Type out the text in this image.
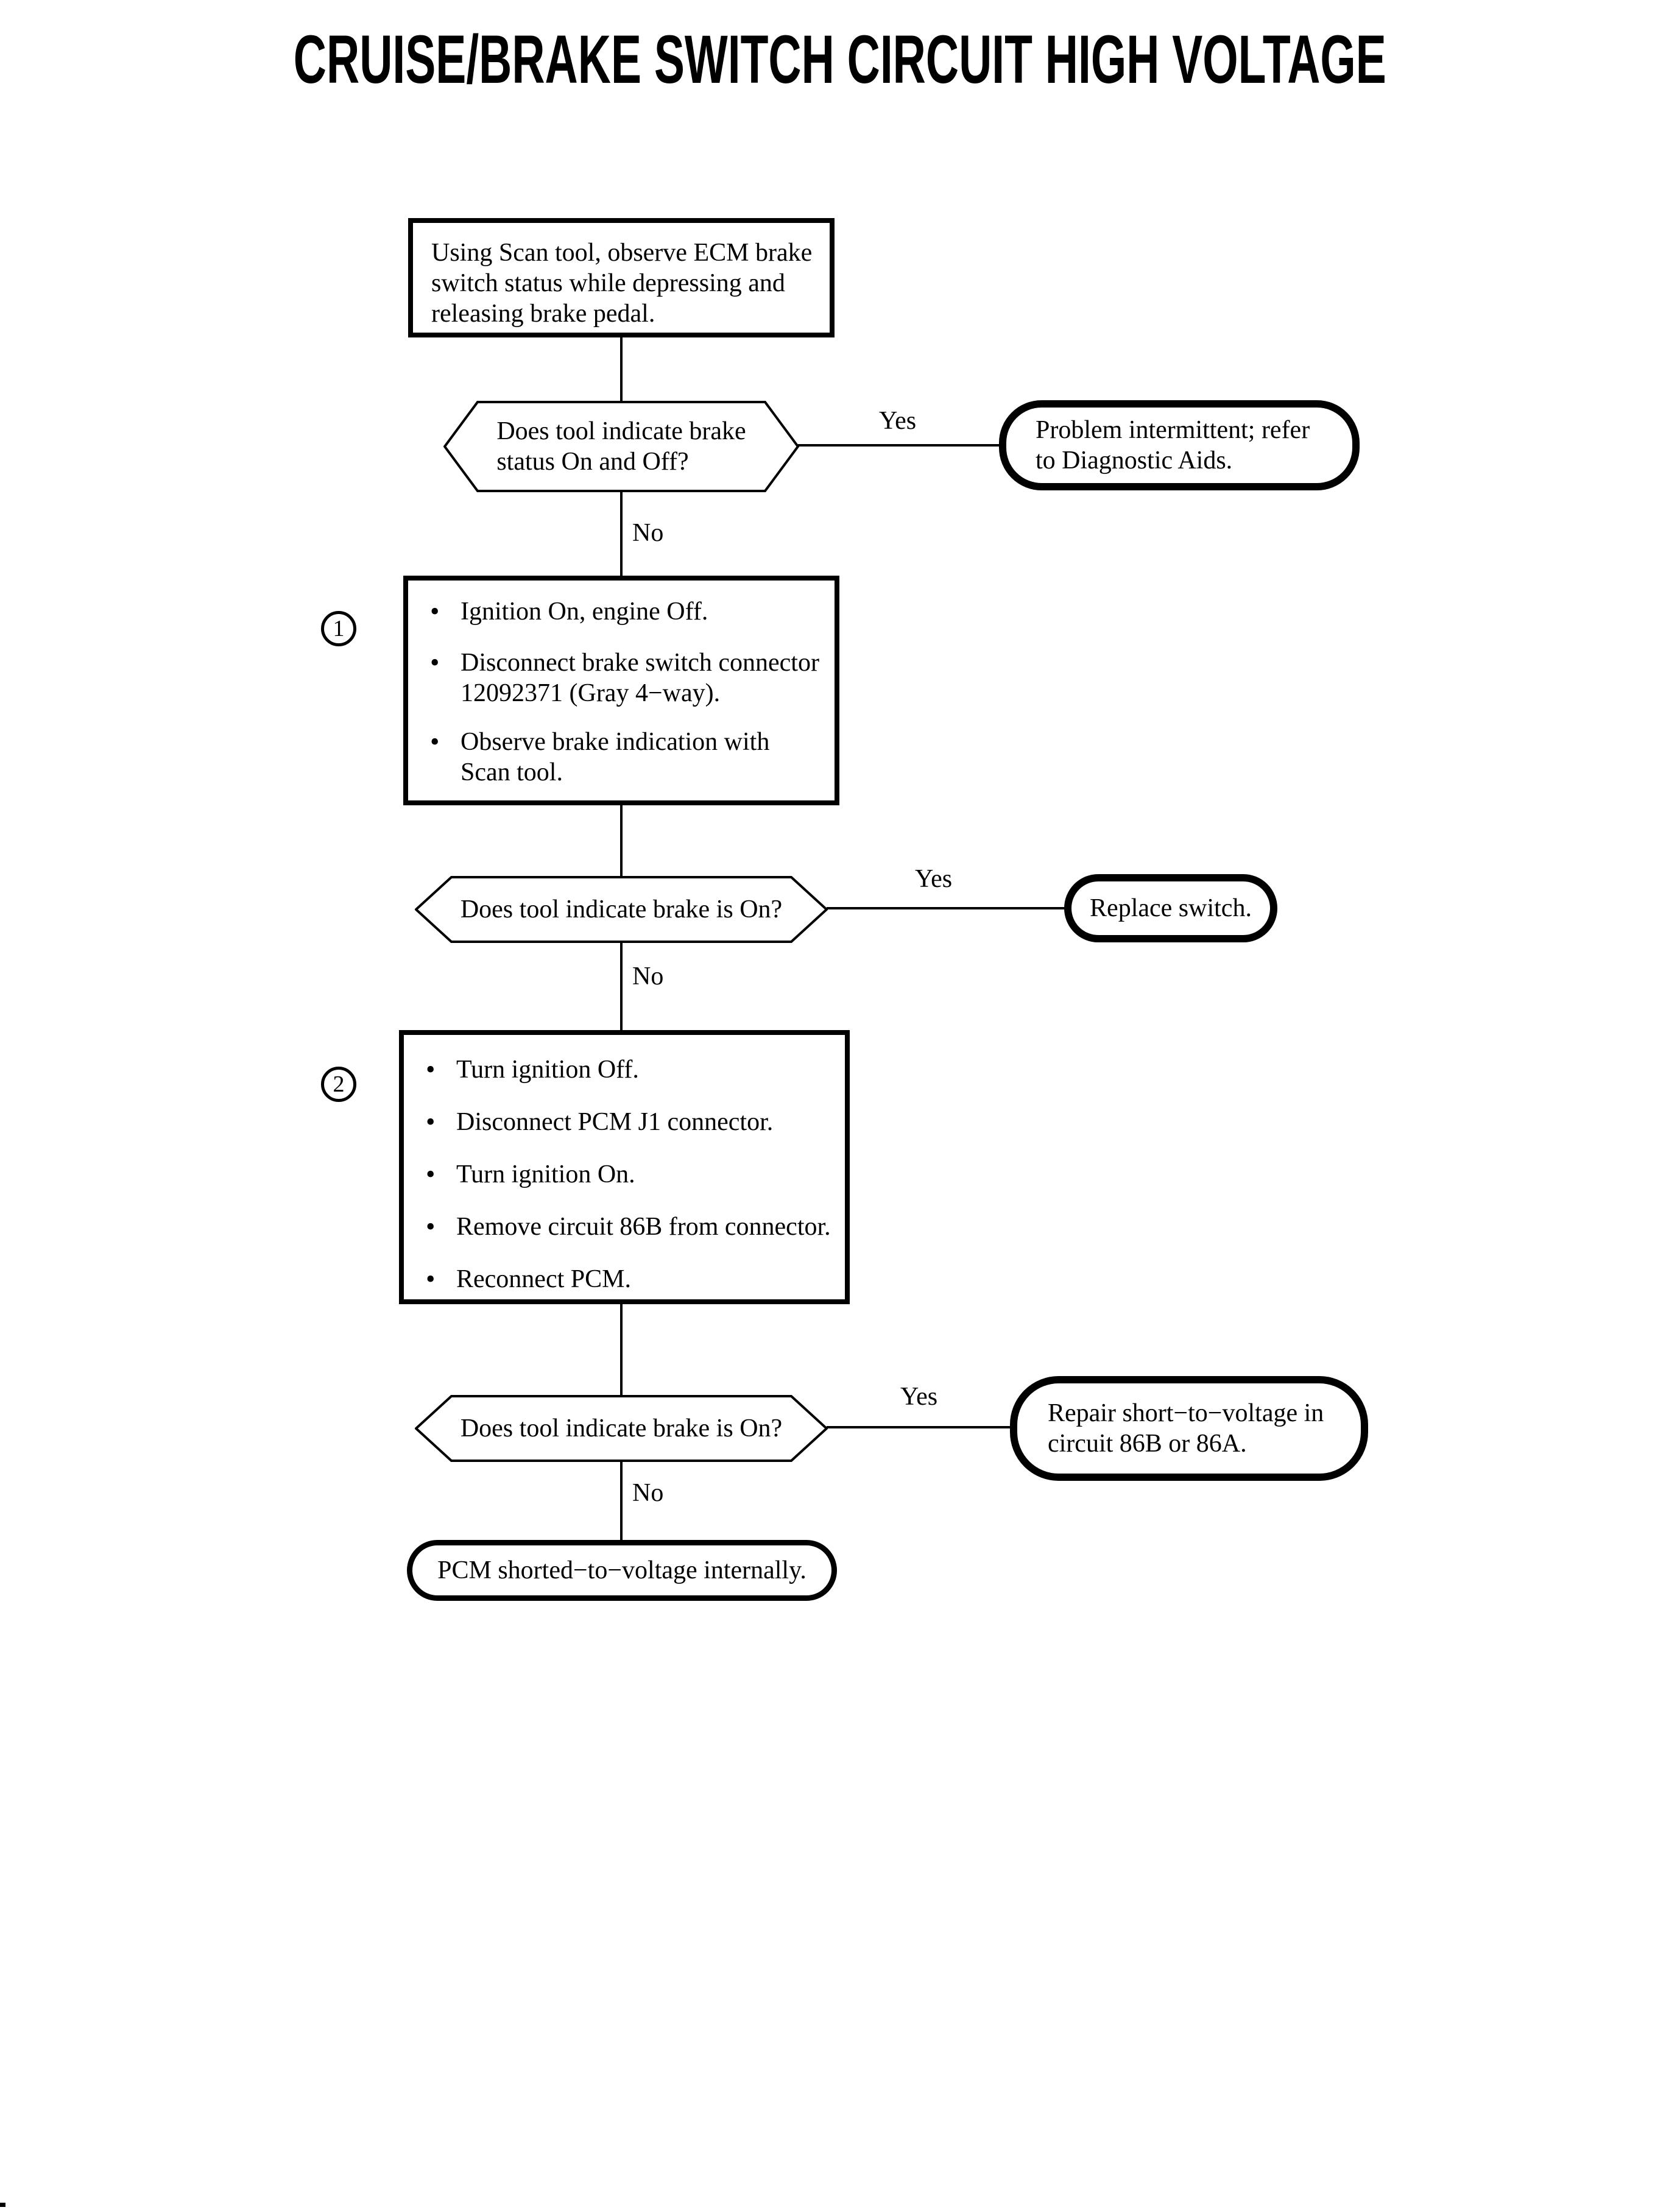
CRUISE/BRAKE SWITCH CIRCUIT HIGH VOLTAGE
Using Scan tool, observe ECM brake
switch status while depressing and
releasing brake pedal.
Does tool indicate brake
status On and Off?
Yes	Problem intermittent; refer
to Diagnostic Aids.
No
1
• Ignition On, engine Off.
• Disconnect brake switch connector
12092371 (Gray 4−way).
• Observe brake indication with
Scan tool.
Does tool indicate brake is On?
Yes
Replace switch.
No
2	• Turn ignition Off.
• Disconnect PCM J1 connector.
• Turn ignition On.
• Remove circuit 86B from connector.
• Reconnect PCM.
Does tool indicate brake is On?
Yes
Repair short−to−voltage in
circuit 86B or 86A.
No
PCM shorted−to−voltage internally.
